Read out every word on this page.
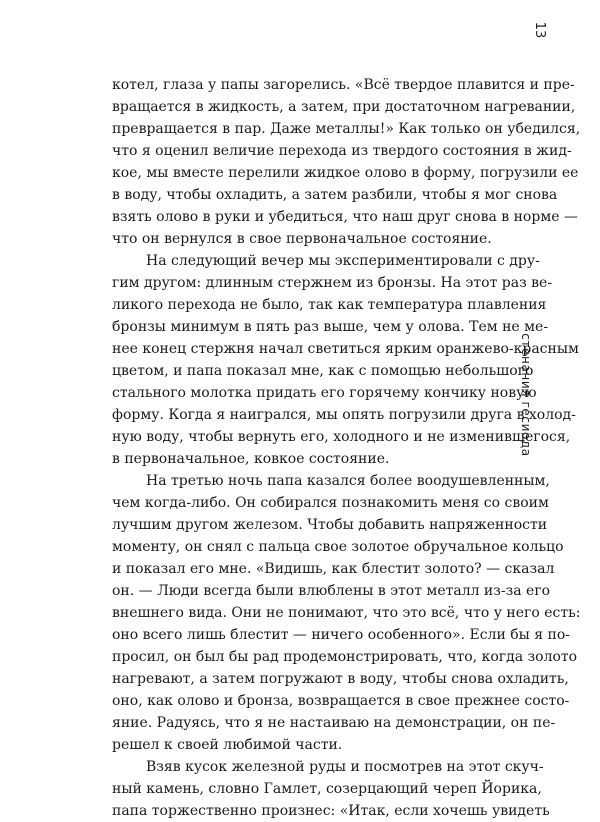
13
стенания гесиода
котел, глаза у папы загорелись. «Всё твердое плавится и пре-
вращается в жидкость, а затем, при достаточном нагревании,
превращается в пар. Даже металлы!» Как только он убедился,
что я оценил величие перехода из твердого состояния в жид-
кое, мы вместе перелили жидкое олово в форму, погрузили ее
в воду, чтобы охладить, а затем разбили, чтобы я мог снова
взять олово в руки и убедиться, что наш друг снова в норме —
что он вернулся в свое первоначальное состояние.
На следующий вечер мы экспериментировали с дру-
гим другом: длинным стержнем из бронзы. На этот раз ве-
ликого перехода не было, так как температура плавления
бронзы минимум в пять раз выше, чем у олова. Тем не ме-
нее конец стержня начал светиться ярким оранжево-красным
цветом, и папа показал мне, как с помощью небольшого
стального молотка придать его горячему кончику новую
форму. Когда я наигрался, мы опять погрузили друга в холод-
ную воду, чтобы вернуть его, холодного и не изменившегося,
в первоначальное, ковкое состояние.
На третью ночь папа казался более воодушевленным,
чем когда-либо. Он собирался познакомить меня со своим
лучшим другом железом. Чтобы добавить напряженности
моменту, он снял с пальца свое золотое обручальное кольцо
и показал его мне. «Видишь, как блестит золото? — сказал
он. — Люди всегда были влюблены в этот металл из-за его
внешнего вида. Они не понимают, что это всё, что у него есть:
оно всего лишь блестит — ничего особенного». Если бы я по-
просил, он был бы рад продемонстрировать, что, когда золото
нагревают, а затем погружают в воду, чтобы снова охладить,
оно, как олово и бронза, возвращается в свое прежнее состо-
яние. Радуясь, что я не настаиваю на демонстрации, он пе-
решел к своей любимой части.
Взяв кусок железной руды и посмотрев на этот скуч-
ный камень, словно Гамлет, созерцающий череп Йорика,
папа торжественно произнес: «Итак, если хочешь увидеть
